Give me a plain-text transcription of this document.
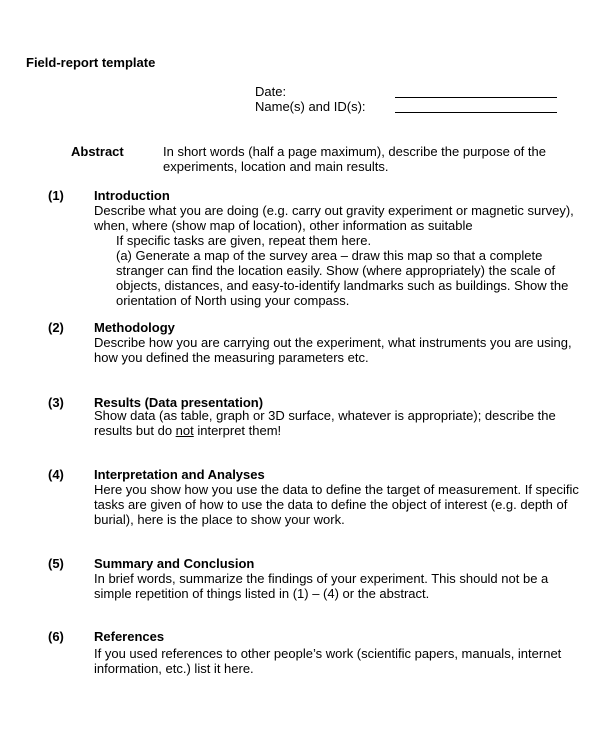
Field-report template
Date:
Name(s) and ID(s):
Abstract	In short words (half a page maximum), describe the purpose of the
experiments, location and main results.
(1) Introduction
Describe what you are doing (e.g. carry out gravity experiment or magnetic survey),
when, where (show map of location), other information as suitable
If specific tasks are given, repeat them here.
(a) Generate a map of the survey area – draw this map so that a complete
stranger can find the location easily. Show (where appropriately) the scale of
objects, distances, and easy-to-identify landmarks such as buildings. Show the
orientation of North using your compass.
(2) Methodology
Describe how you are carrying out the experiment, what instruments you are using,
how you defined the measuring parameters etc.
(3) Results (Data presentation)
Show data (as table, graph or 3D surface, whatever is appropriate); describe the
results but do not interpret them!
(4) Interpretation and Analyses
Here you show how you use the data to define the target of measurement. If specific
tasks are given of how to use the data to define the object of interest (e.g. depth of
burial), here is the place to show your work.
(5) Summary and Conclusion
In brief words, summarize the findings of your experiment. This should not be a
simple repetition of things listed in (1) – (4) or the abstract.
(6) References
If you used references to other people’s work (scientific papers, manuals, internet
information, etc.) list it here.
